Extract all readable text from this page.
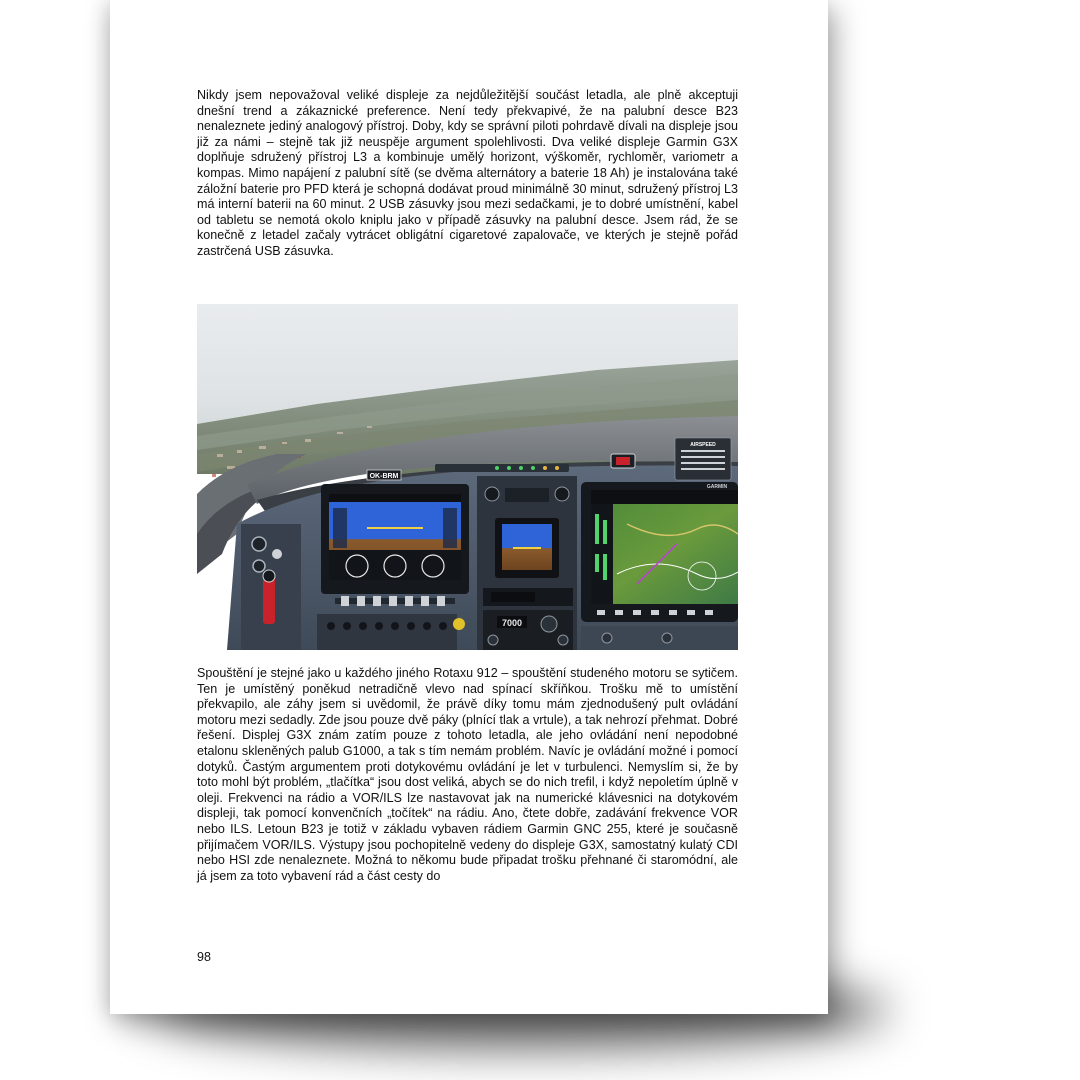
Nikdy jsem nepovažoval veliké displeje za nejdůležitější součást letadla, ale plně akceptuji dnešní trend a zákaznické preference. Není tedy překvapivé, že na palubní desce B23 nenaleznete jediný analogový přístroj. Doby, kdy se správní piloti pohrdavě dívali na displeje jsou již za námi – stejně tak již neuspěje argument spolehlivosti. Dva veliké displeje Garmin G3X doplňuje sdružený přístroj L3 a kombinuje umělý horizont, výškoměr, rychloměr, variometr a kompas. Mimo napájení z palubní sítě (se dvěma alternátory a baterie 18 Ah) je instalována také záložní baterie pro PFD která je schopná dodávat proud minimálně 30 minut, sdružený přístroj L3 má interní baterii na 60 minut. 2 USB zásuvky jsou mezi sedačkami, je to dobré umístnění, kabel od tabletu se nemotá okolo kniplu jako v případě zásuvky na palubní desce. Jsem rád, že se konečně z letadel začaly vytrácet obligátní cigaretové zapalovače, ve kterých je stejně pořád zastrčená USB zásuvka.

OK-BRM
7000
AIRSPEED
GARMIN

Spouštění je stejné jako u každého jiného Rotaxu 912 – spouštění studeného motoru se sytičem. Ten je umístěný poněkud netradičně vlevo nad spínací skříňkou. Trošku mě to umístění překvapilo, ale záhy jsem si uvědomil, že právě díky tomu mám zjednodušený pult ovládání motoru mezi sedadly. Zde jsou pouze dvě páky (plnící tlak a vrtule), a tak nehrozí přehmat. Dobré řešení. Displej G3X znám zatím pouze z tohoto letadla, ale jeho ovládání není nepodobné etalonu skleněných palub G1000, a tak s tím nemám problém. Navíc je ovládání možné i pomocí dotyků. Častým argumentem proti dotykovému ovládání je let v turbulenci. Nemyslím si, že by toto mohl být problém, „tlačítka“ jsou dost veliká, abych se do nich trefil, i když nepoletím úplně v oleji. Frekvenci na rádio a VOR/ILS lze nastavovat jak na numerické klávesnici na dotykovém displeji, tak pomocí konvenčních „točítek“ na rádiu. Ano, čtete dobře, zadávání frekvence VOR nebo ILS. Letoun B23 je totiž v základu vybaven rádiem Garmin GNC 255, které je současně přijímačem VOR/ILS. Výstupy jsou pochopitelně vedeny do displeje G3X, samostatný kulatý CDI nebo HSI zde nenaleznete. Možná to někomu bude připadat trošku přehnané či staromódní, ale já jsem za toto vybavení rád a část cesty do

98
